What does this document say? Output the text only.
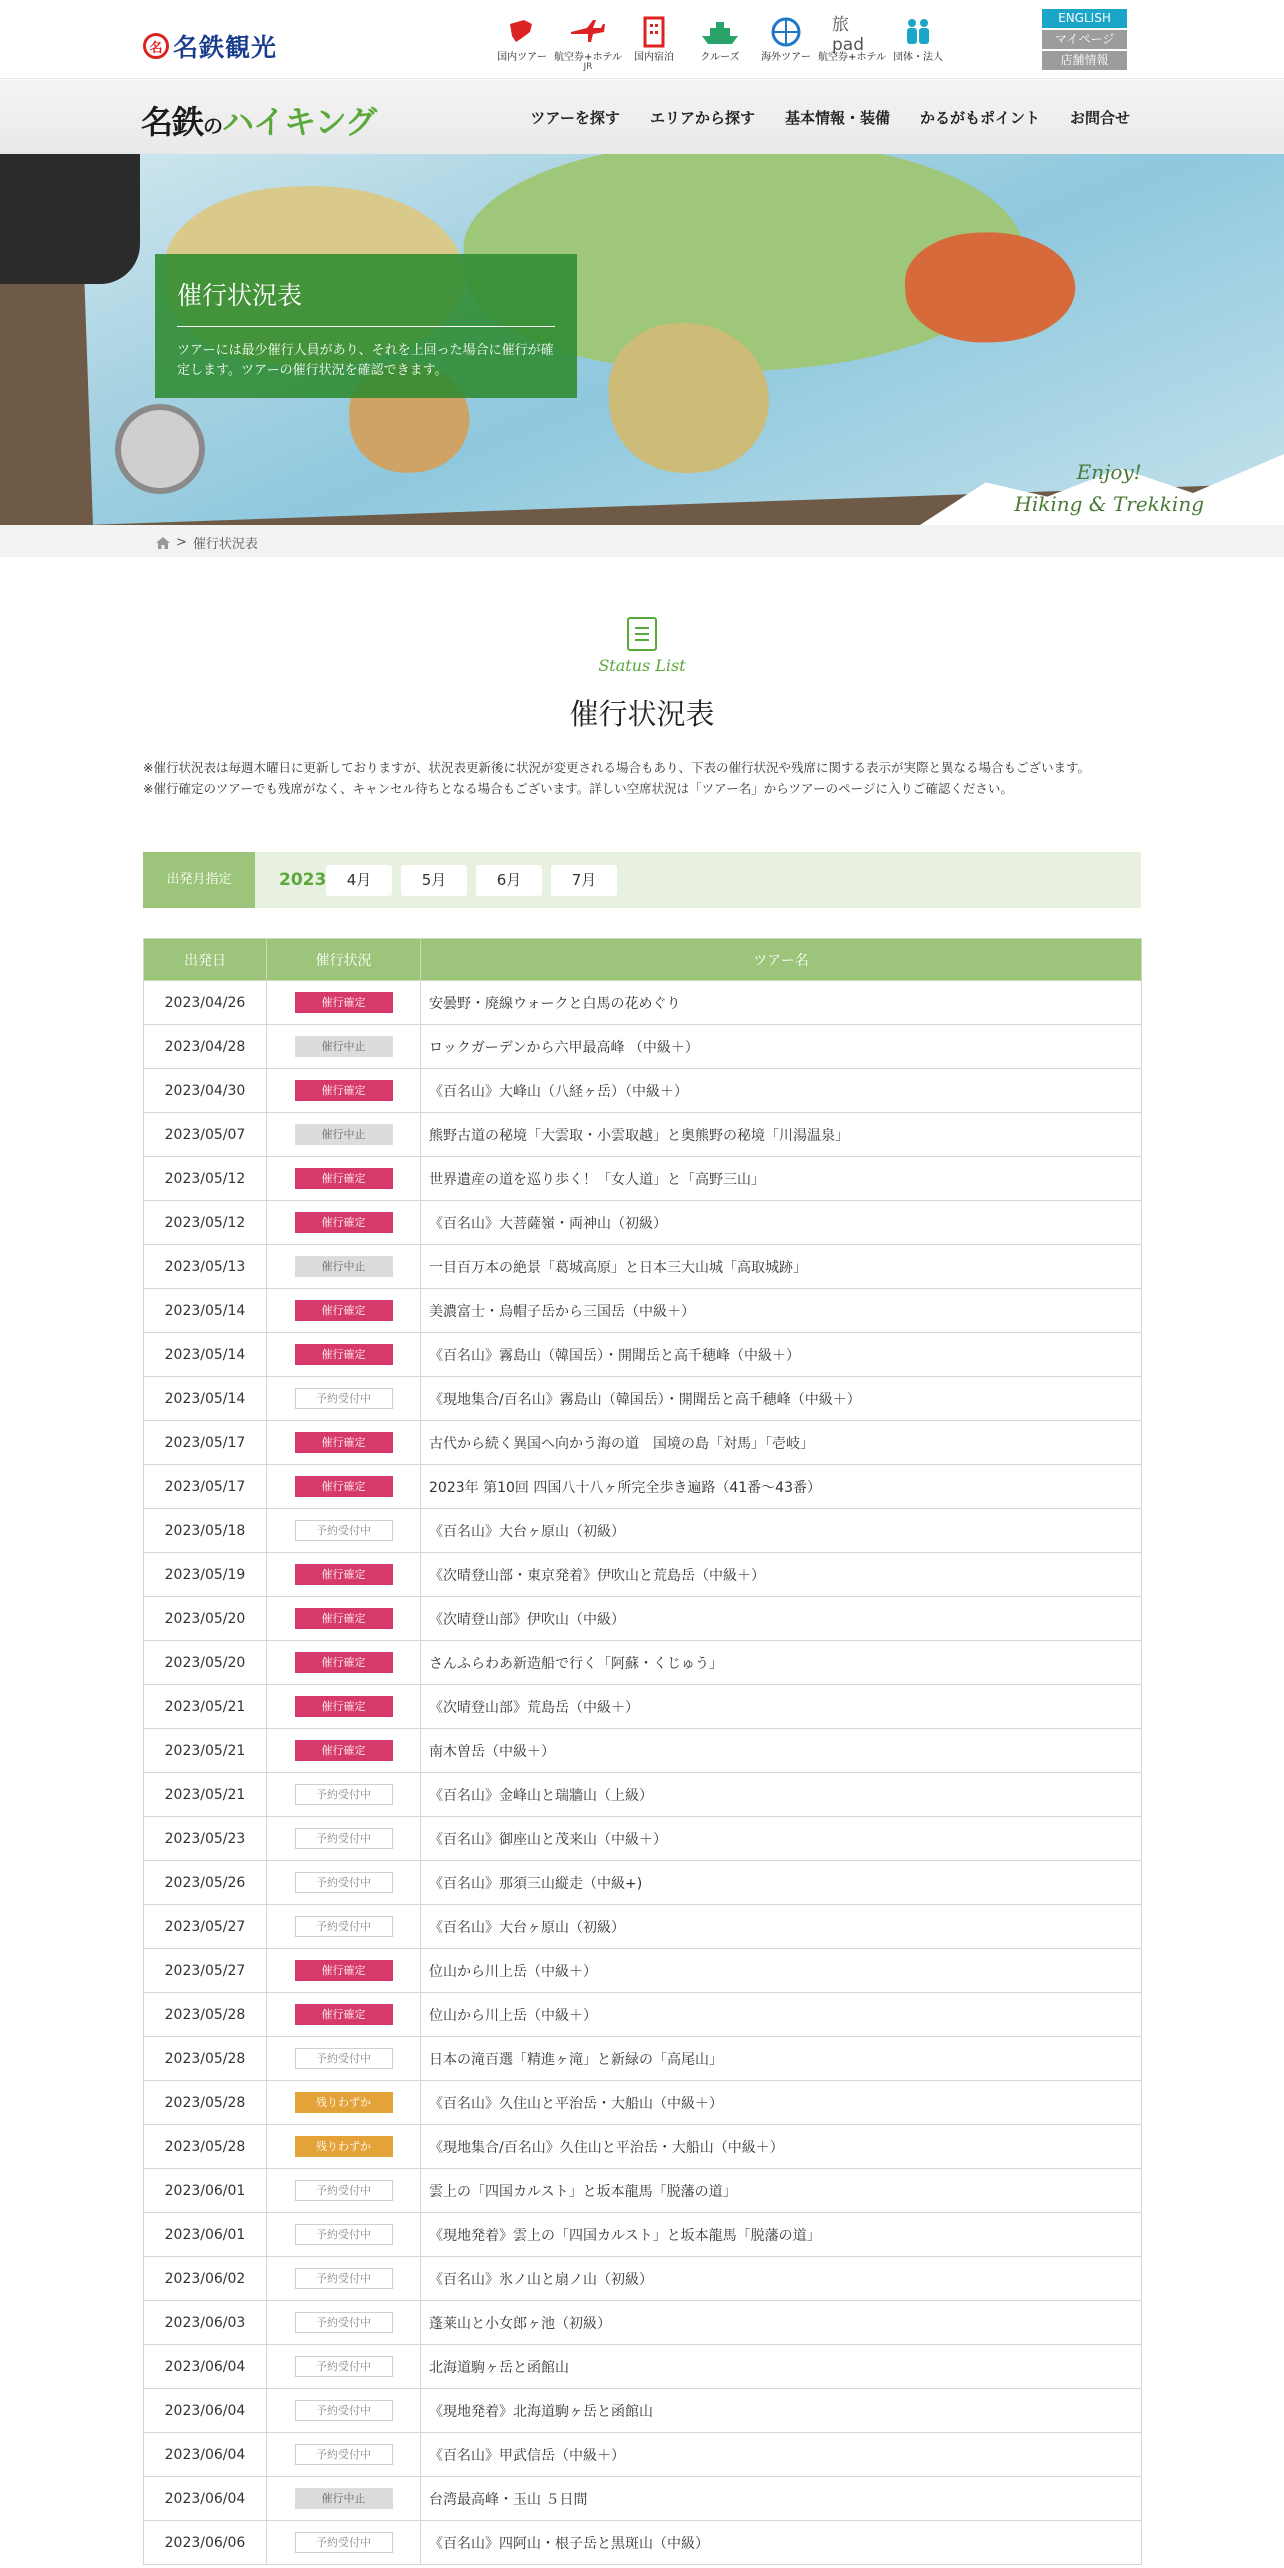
名 名鉄観光	国内ツアー 航空券+ホテル
JR
国内宿泊	クルーズ 海外ツアー
旅pad
航空券+ホテル 団体・法人
ENGLISH
マイページ
店舗情報
名鉄のハイキング	ツアーを探す エリアから探す 基本情報・装備 かるがもポイント お問合せ
催行状況表
ツアーには最少催行人員があり、それを上回った場合に催行が確定します。ツアーの催行状況を確認できます。
Enjoy!
Hiking & Trekking
> 催行状況表
Status List
催行状況表

※催行状況表は毎週木曜日に更新しておりますが、状況表更新後に状況が変更される場合もあり、下表の催行状況や残席に関する表示が実際と異なる場合もございます。

※催行確定のツアーでも残席がなく、キャンセル待ちとなる場合もございます。詳しい空席状況は「ツアー名」からツアーのページに入りご確認ください。

出発月指定	2023	4月	5月	6月	7月
出発日	催行状況	ツアー名
2023/04/26	催行確定	安曇野・廃線ウォークと白馬の花めぐり
2023/04/28	催行中止	ロックガーデンから六甲最高峰 （中級＋）
2023/04/30	催行確定	《百名山》大峰山（八経ヶ岳）（中級＋）
2023/05/07	催行中止	熊野古道の秘境「大雲取・小雲取越」と奥熊野の秘境「川湯温泉」
2023/05/12	催行確定	世界遺産の道を巡り歩く！「女人道」と「高野三山」
2023/05/12	催行確定	《百名山》大菩薩嶺・両神山（初級）
2023/05/13	催行中止	一目百万本の絶景「葛城高原」と日本三大山城「高取城跡」
2023/05/14	催行確定	美濃富士・烏帽子岳から三国岳（中級＋）
2023/05/14	催行確定	《百名山》霧島山（韓国岳）・開聞岳と高千穂峰（中級＋）
2023/05/14	予約受付中	《現地集合/百名山》霧島山（韓国岳）・開聞岳と高千穂峰（中級＋）
2023/05/17	催行確定	古代から続く異国へ向かう海の道　国境の島「対馬」「壱岐」
2023/05/17	催行確定	2023年 第10回 四国八十八ヶ所完全歩き遍路（41番～43番）
2023/05/18	予約受付中	《百名山》大台ヶ原山（初級）
2023/05/19	催行確定	《次晴登山部・東京発着》伊吹山と荒島岳（中級＋）
2023/05/20	催行確定	《次晴登山部》伊吹山（中級）
2023/05/20	催行確定	さんふらわあ新造船で行く「阿蘇・くじゅう」
2023/05/21	催行確定	《次晴登山部》荒島岳（中級＋）
2023/05/21	催行確定	南木曽岳（中級＋）
2023/05/21	予約受付中	《百名山》金峰山と瑞牆山（上級）
2023/05/23	予約受付中	《百名山》御座山と茂来山（中級＋）
2023/05/26	予約受付中	《百名山》那須三山縦走（中級+)
2023/05/27	予約受付中	《百名山》大台ヶ原山（初級）
2023/05/27	催行確定	位山から川上岳（中級＋）
2023/05/28	催行確定	位山から川上岳（中級＋）
2023/05/28	予約受付中	日本の滝百選「精進ヶ滝」と新緑の「高尾山」
2023/05/28	残りわずか	《百名山》久住山と平治岳・大船山（中級＋）
2023/05/28	残りわずか	《現地集合/百名山》久住山と平治岳・大船山（中級＋）
2023/06/01	予約受付中	雲上の「四国カルスト」と坂本龍馬「脱藩の道」
2023/06/01	予約受付中	《現地発着》雲上の「四国カルスト」と坂本龍馬「脱藩の道」
2023/06/02	予約受付中	《百名山》氷ノ山と扇ノ山（初級）
2023/06/03	予約受付中	蓬莱山と小女郎ヶ池（初級）
2023/06/04	予約受付中	北海道駒ヶ岳と函館山
2023/06/04	予約受付中	《現地発着》北海道駒ヶ岳と函館山
2023/06/04	予約受付中	《百名山》甲武信岳（中級＋）
2023/06/04	催行中止	台湾最高峰・玉山 ５日間
2023/06/06	予約受付中	《百名山》四阿山・根子岳と黒斑山（中級）
